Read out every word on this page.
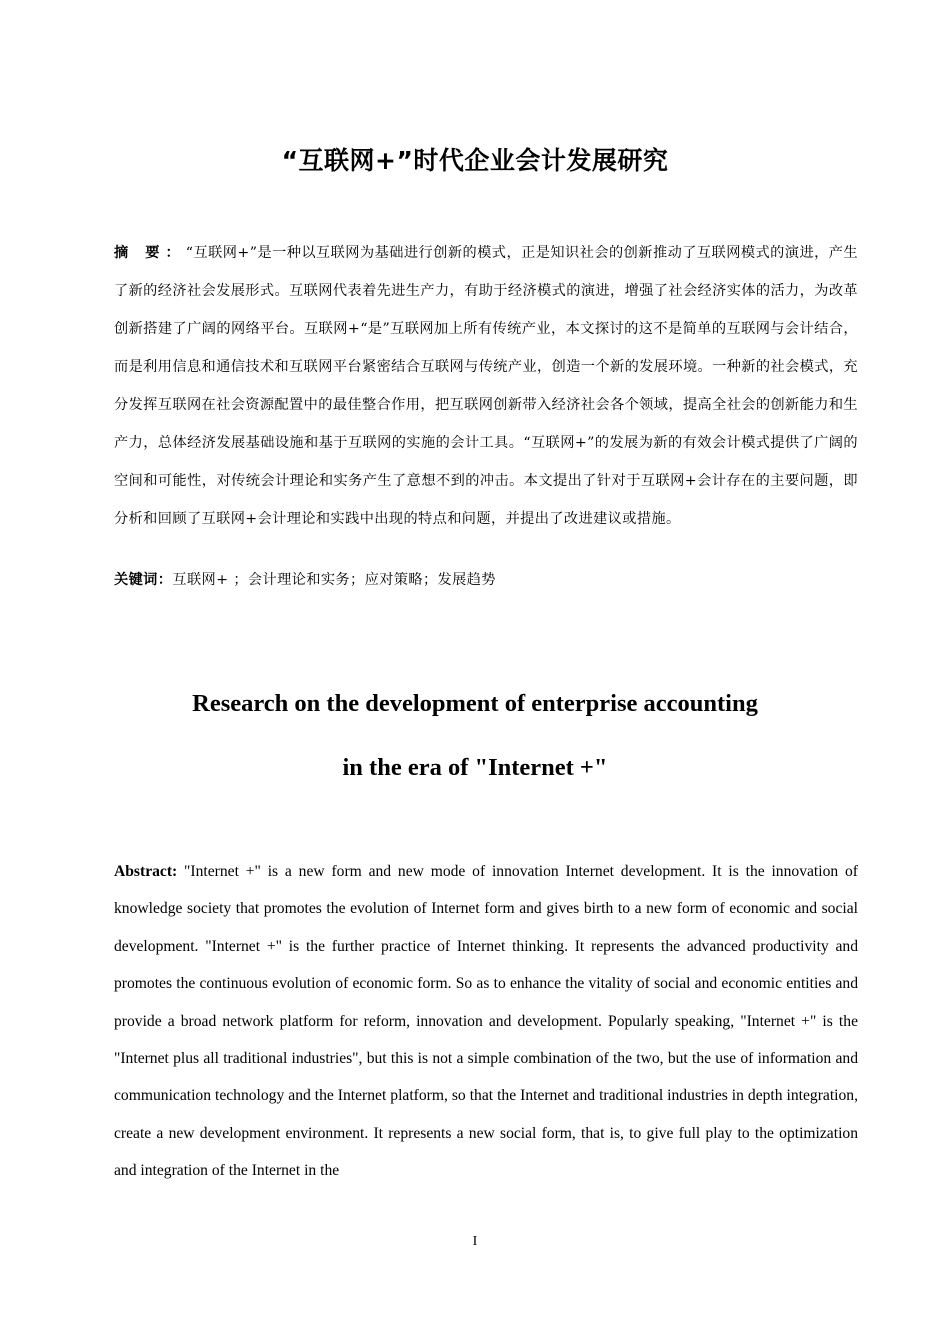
“互联网+”时代企业会计发展研究
摘 要：“互联网+”是一种以互联网为基础进行创新的模式，正是知识社会的创新推动了互联网模式的演进，产生了新的经济社会发展形式。互联网代表着先进生产力，有助于经济模式的演进，增强了社会经济实体的活力，为改革创新搭建了广阔的网络平台。互联网+“是”互联网加上所有传统产业，本文探讨的这不是简单的互联网与会计结合，而是利用信息和通信技术和互联网平台紧密结合互联网与传统产业，创造一个新的发展环境。一种新的社会模式，充分发挥互联网在社会资源配置中的最佳整合作用，把互联网创新带入经济社会各个领域，提高全社会的创新能力和生产力，总体经济发展基础设施和基于互联网的实施的会计工具。“互联网+”的发展为新的有效会计模式提供了广阔的空间和可能性，对传统会计理论和实务产生了意想不到的冲击。本文提出了针对于互联网+会计存在的主要问题，即分析和回顾了互联网+会计理论和实践中出现的特点和问题，并提出了改进建议或措施。
关键词：互联网+ ；会计理论和实务；应对策略；发展趋势
Research on the development of enterprise accounting
in the era of "Internet +"
Abstract: "Internet +" is a new form and new mode of innovation Internet development. It is the innovation of knowledge society that promotes the evolution of Internet form and gives birth to a new form of economic and social development. "Internet +" is the further practice of Internet thinking. It represents the advanced productivity and promotes the continuous evolution of economic form. So as to enhance the vitality of social and economic entities and provide a broad network platform for reform, innovation and development. Popularly speaking, "Internet +" is the "Internet plus all traditional industries", but this is not a simple combination of the two, but the use of information and communication technology and the Internet platform, so that the Internet and traditional industries in depth integration, create a new development environment. It represents a new social form, that is, to give full play to the optimization and integration of the Internet in the
I
